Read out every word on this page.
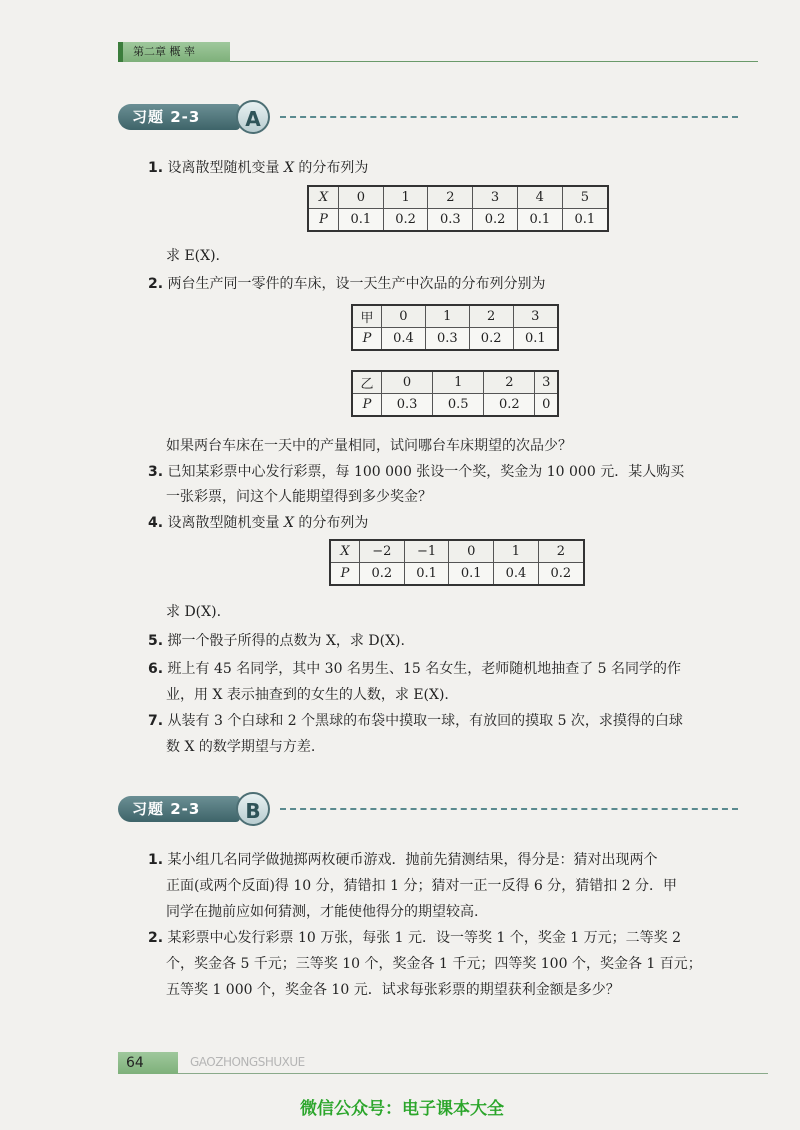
第二章 概 率
习题 2-3	A
1. 设离散型随机变量 X 的分布列为
X	0	1	2	3	4	5
P	0.1	0.2	0.3	0.2	0.1	0.1
求 E(X).
2. 两台生产同一零件的车床，设一天生产中次品的分布列分别为
甲	0	1	2	3
P	0.4	0.3	0.2	0.1
乙	0	1	2	3
P	0.3	0.5	0.2	0
如果两台车床在一天中的产量相同，试问哪台车床期望的次品少？
3. 已知某彩票中心发行彩票，每 100 000 张设一个奖，奖金为 10 000 元．某人购买
一张彩票，问这个人能期望得到多少奖金？
4. 设离散型随机变量 X 的分布列为
X	−2	−1	0	1	2
P	0.2	0.1	0.1	0.4	0.2
求 D(X).
5. 掷一个骰子所得的点数为 X，求 D(X).
6. 班上有 45 名同学，其中 30 名男生、15 名女生，老师随机地抽查了 5 名同学的作
业，用 X 表示抽查到的女生的人数，求 E(X).
7. 从装有 3 个白球和 2 个黑球的布袋中摸取一球，有放回的摸取 5 次，求摸得的白球
数 X 的数学期望与方差.
习题 2-3	B
1. 某小组几名同学做抛掷两枚硬币游戏．抛前先猜测结果，得分是：猜对出现两个
正面(或两个反面)得 10 分，猜错扣 1 分；猜对一正一反得 6 分，猜错扣 2 分．甲
同学在抛前应如何猜测，才能使他得分的期望较高.
2. 某彩票中心发行彩票 10 万张，每张 1 元．设一等奖 1 个，奖金 1 万元；二等奖 2
个，奖金各 5 千元；三等奖 10 个，奖金各 1 千元；四等奖 100 个，奖金各 1 百元；
五等奖 1 000 个，奖金各 10 元．试求每张彩票的期望获利金额是多少？
64	GAOZHONGSHUXUE
微信公众号：电子课本大全
